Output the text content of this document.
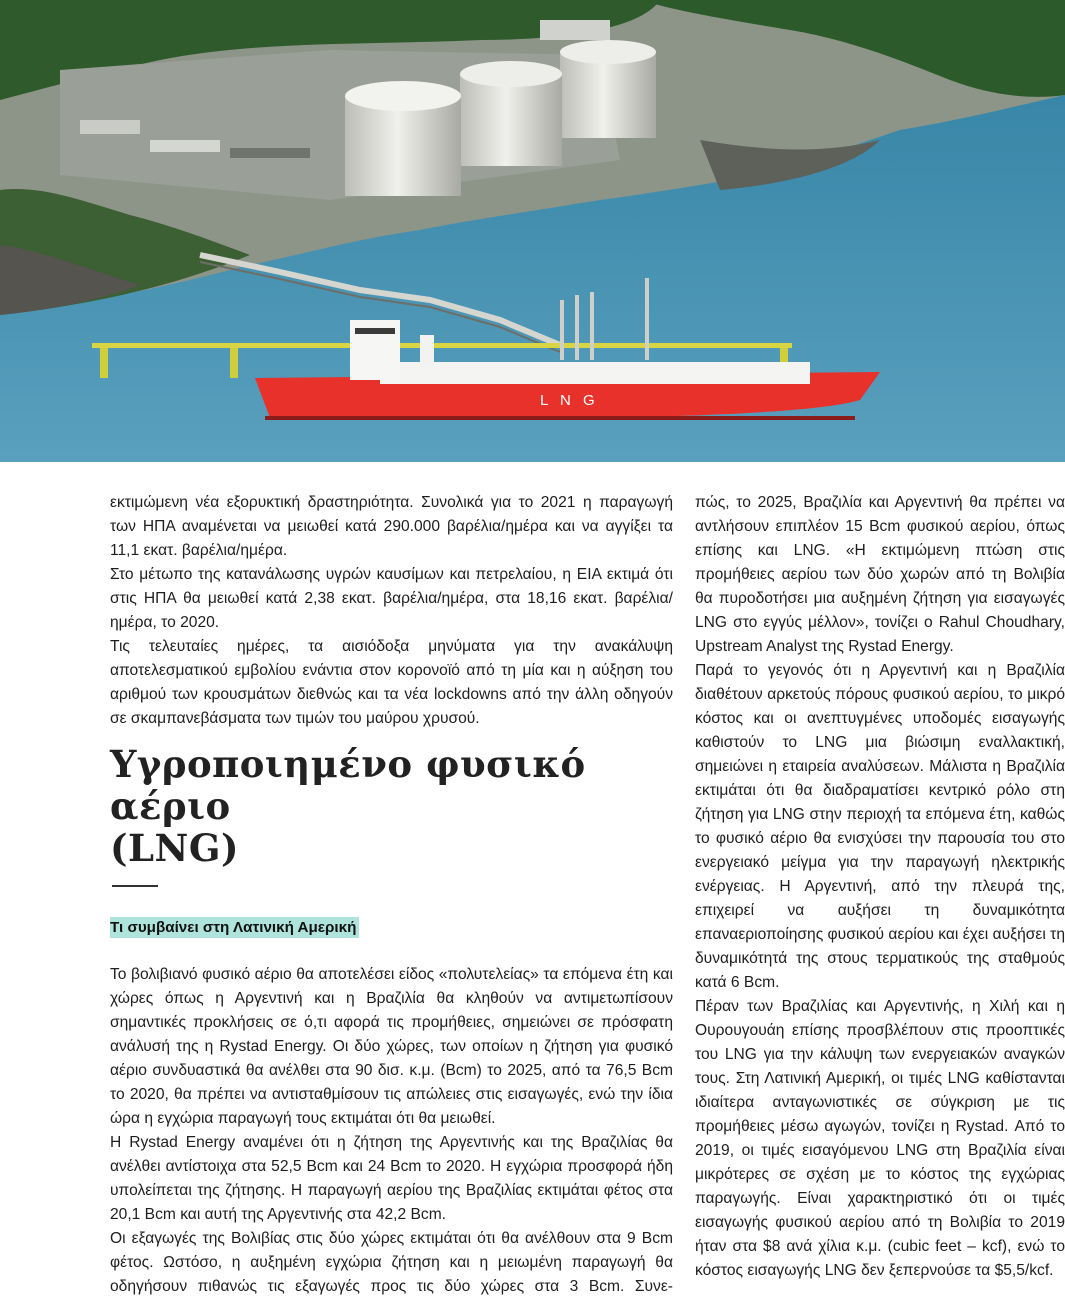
L N G

εκτιμώμενη νέα εξορυκτική δραστηριότητα. Συνολικά για το 2021 η παραγωγή των ΗΠΑ αναμένεται να μειωθεί κατά 290.000 βαρέλια/ημέρα και να αγγίξει τα 11,1 εκατ. βαρέλια/ημέρα.

Στο μέτωπο της κατανάλωσης υγρών καυσίμων και πετρελαίου, η ΕΙΑ εκτιμά ότι στις ΗΠΑ θα μειωθεί κατά 2,38 εκατ. βαρέλια/ημέρα, στα 18,16 εκατ. βαρέλια/ημέρα, το 2020.

Τις τελευταίες ημέρες, τα αισιόδοξα μηνύματα για την ανακάλυψη αποτελεσματικού εμβολίου ενάντια στον κορονοϊό από τη μία και η αύξηση του αριθμού των κρουσμάτων διεθνώς και τα νέα lockdowns από την άλλη οδηγούν σε σκαμπανεβάσματα των τιμών του μαύρου χρυσού.

Υγροποιημένο φυσικό αέριο
(LNG)
Τι συμβαίνει στη Λατινική Αμερική

Το βολιβιανό φυσικό αέριο θα αποτελέσει είδος «πολυτελείας» τα επόμενα έτη και χώρες όπως η Αργεντινή και η Βραζιλία θα κληθούν να αντιμετωπίσουν σημαντικές προκλήσεις σε ό,τι αφορά τις προμήθειες, σημειώνει σε πρόσφατη ανάλυσή της η Rystad Energy. Οι δύο χώρες, των οποίων η ζήτηση για φυσικό αέριο συνδυαστικά θα ανέλθει στα 90 δισ. κ.μ. (Bcm) το 2025, από τα 76,5 Bcm το 2020, θα πρέπει να αντισταθμίσουν τις απώλειες στις εισαγωγές, ενώ την ίδια ώρα η εγχώρια παραγωγή τους εκτιμάται ότι θα μειωθεί.

Η Rystad Energy αναμένει ότι η ζήτηση της Αργεντινής και της Βραζιλίας θα ανέλθει αντίστοιχα στα 52,5 Bcm και 24 Bcm το 2020. Η εγχώρια προσφορά ήδη υπολείπεται της ζήτησης. Η παραγωγή αερίου της Βραζιλίας εκτιμάται φέτος στα 20,1 Bcm και αυτή της Αργεντινής στα 42,2 Bcm.

Οι εξαγωγές της Βολιβίας στις δύο χώρες εκτιμάται ότι θα ανέλθουν στα 9 Bcm φέτος. Ωστόσο, η αυξημένη εγχώρια ζήτηση και η μειωμένη παραγωγή θα οδηγήσουν πιθανώς τις εξαγωγές προς τις δύο χώρες στα 3 Bcm. Συνε-

πώς, το 2025, Βραζιλία και Αργεντινή θα πρέπει να αντλήσουν επιπλέον 15 Bcm φυσικού αερίου, όπως επίσης και LNG. «Η εκτιμώμενη πτώση στις προμήθειες αερίου των δύο χωρών από τη Βολιβία θα πυροδοτήσει μια αυξημένη ζήτηση για εισαγωγές LNG στο εγγύς μέλλον», τονίζει ο Rahul Choudhary, Upstream Analyst της Rystad Energy.

Παρά το γεγονός ότι η Αργεντινή και η Βραζιλία διαθέτουν αρκετούς πόρους φυσικού αερίου, το μικρό κόστος και οι ανεπτυγμένες υποδομές εισαγωγής καθιστούν το LNG μια βιώσιμη εναλλακτική, σημειώνει η εταιρεία αναλύσεων. Μάλιστα η Βραζιλία εκτιμάται ότι θα διαδραματίσει κεντρικό ρόλο στη ζήτηση για LNG στην περιοχή τα επόμενα έτη, καθώς το φυσικό αέριο θα ενισχύσει την παρουσία του στο ενεργειακό μείγμα για την παραγωγή ηλεκτρικής ενέργειας. Η Αργεντινή, από την πλευρά της, επιχειρεί να αυξήσει τη δυναμικότητα επαναεριοποίησης φυσικού αερίου και έχει αυξήσει τη δυναμικότητά της στους τερματικούς της σταθμούς κατά 6 Bcm.

Πέραν των Βραζιλίας και Αργεντινής, η Χιλή και η Ουρουγουάη επίσης προσβλέπουν στις προοπτικές του LNG για την κάλυψη των ενεργειακών αναγκών τους. Στη Λατινική Αμερική, οι τιμές LNG καθίστανται ιδιαίτερα ανταγωνιστικές σε σύγκριση με τις προμήθειες μέσω αγωγών, τονίζει η Rystad. Από το 2019, οι τιμές εισαγόμενου LNG στη Βραζιλία είναι μικρότερες σε σχέση με το κόστος της εγχώριας παραγωγής. Είναι χαρακτηριστικό ότι οι τιμές εισαγωγής φυσικού αερίου από τη Βολιβία το 2019 ήταν στα $8 ανά χίλια κ.μ. (cubic feet – kcf), ενώ το κόστος εισαγωγής LNG δεν ξεπερνούσε τα $5,5/kcf.
